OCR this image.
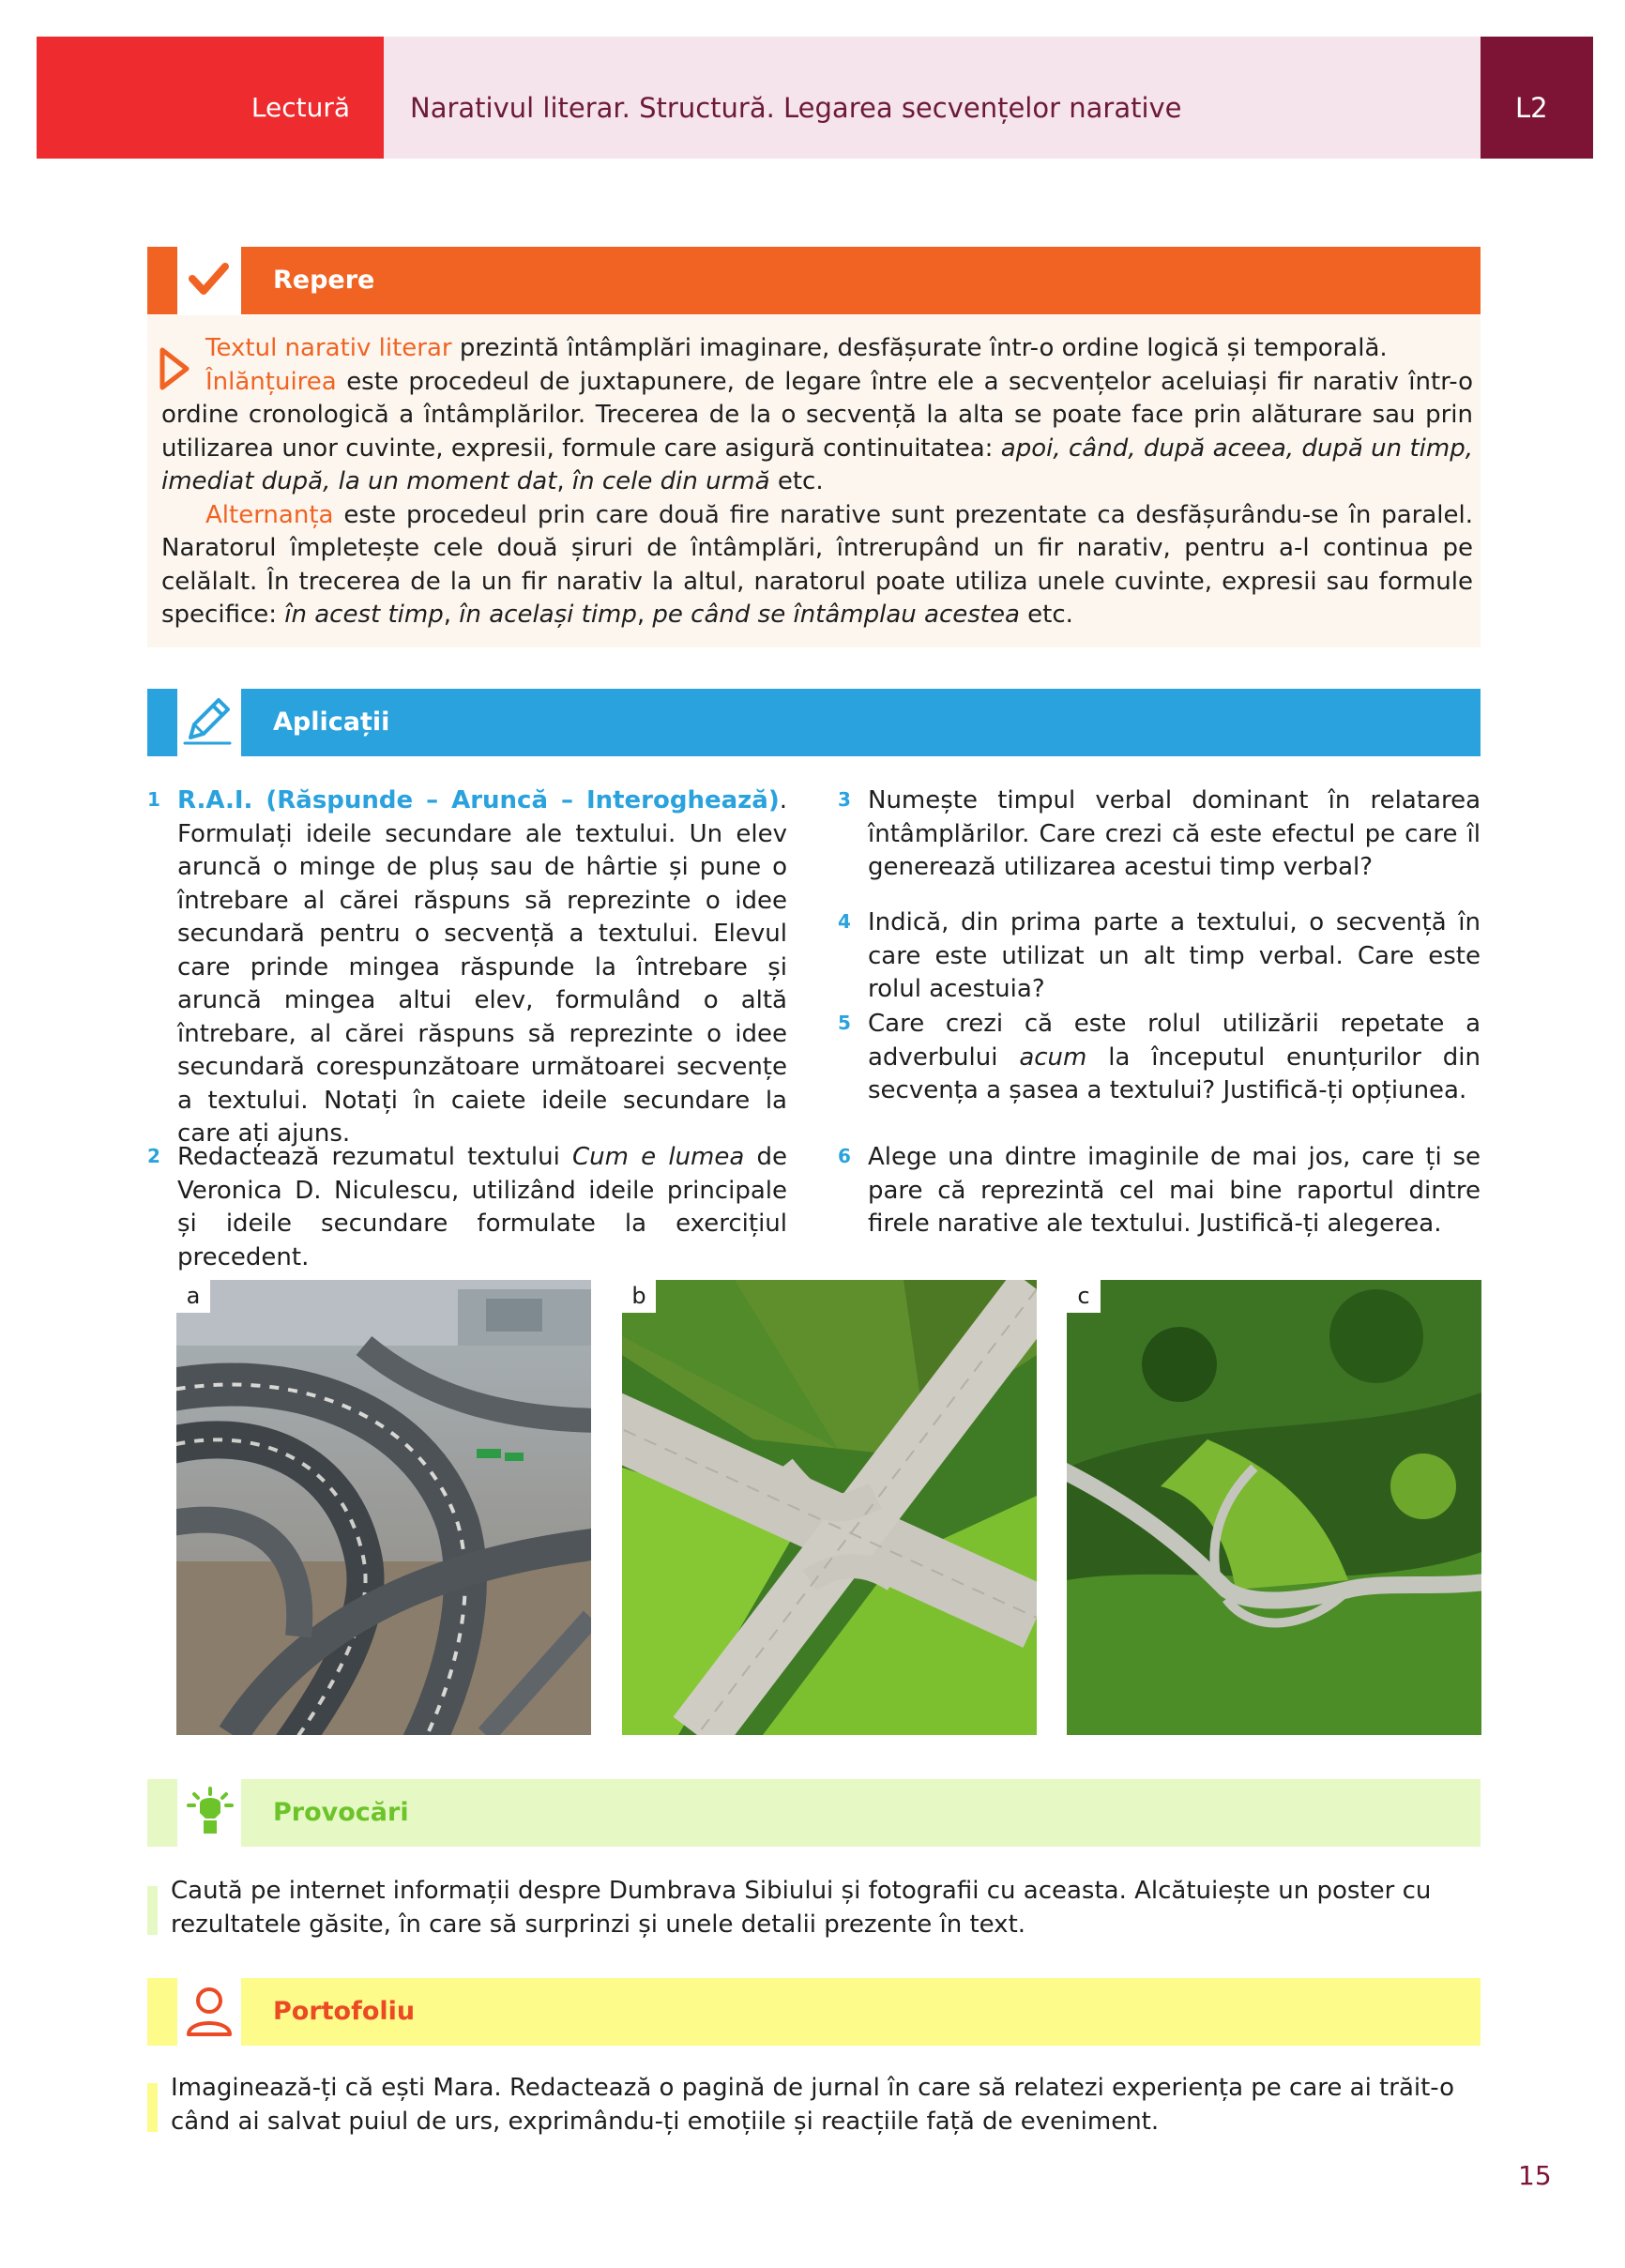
Lectură Narativul literar. Structură. Legarea secvențelor narative	L2
Repere

Textul narativ literar prezintă întâmplări imaginare, desfășurate într-o ordine logică și temporală.

Înlănțuirea este procedeul de juxtapunere, de legare între ele a secvențelor aceluiași fir narativ într-o ordine cronologică a întâmplărilor. Trecerea de la o secvență la alta se poate face prin alăturare sau prin utilizarea unor cuvinte, expresii, formule care asigură continuitatea: apoi, când, după aceea, după un timp, imediat după, la un moment dat, în cele din urmă etc.

Alternanța este procedeul prin care două fire narative sunt prezentate ca desfășurându-se în paralel. Naratorul împletește cele două șiruri de întâmplări, întrerupând un fir narativ, pentru a-l continua pe celălalt. În trecerea de la un fir narativ la altul, naratorul poate utiliza unele cuvinte, expresii sau formule specifice: în acest timp, în același timp, pe când se întâmplau acestea etc.

Aplicații
1 R.A.I. (Răspunde – Aruncă – Interoghează). Formulați ideile secundare ale textului. Un elev aruncă o minge de pluș sau de hârtie și pune o întrebare al cărei răspuns să reprezinte o idee secundară pentru o secvență a textului. Elevul care prinde mingea răspunde la întrebare și aruncă mingea altui elev, formulând o altă întrebare, al cărei răspuns să reprezinte o idee secundară corespunzătoare următoarei secvențe a textului. Notați în caiete ideile secundare la care ați ajuns.
2 Redactează rezumatul textului Cum e lumea de Veronica D. Niculescu, utilizând ideile principale și ideile secundare formulate la exercițiul precedent.
3 Numește timpul verbal dominant în relatarea întâmplărilor. Care crezi că este efectul pe care îl generează utilizarea acestui timp verbal?
4 Indică, din prima parte a textului, o secvență în care este utilizat un alt timp verbal. Care este rolul acestuia?
5 Care crezi că este rolul utilizării repetate a adverbului acum la începutul enunțurilor din secvența a șasea a textului? Justifică-ți opțiunea.
6 Alege una dintre imaginile de mai jos, care ți se pare că reprezintă cel mai bine raportul dintre firele narative ale textului. Justifică-ți alegerea.
a	b	c
Provocări
Caută pe internet informații despre Dumbrava Sibiului și fotografii cu aceasta. Alcătuiește un poster cu rezultatele găsite, în care să surprinzi și unele detalii prezente în text.
Portofoliu
Imaginează-ți că ești Mara. Redactează o pagină de jurnal în care să relatezi experiența pe care ai trăit-o când ai salvat puiul de urs, exprimându-ți emoțiile și reacțiile față de eveniment.
15
